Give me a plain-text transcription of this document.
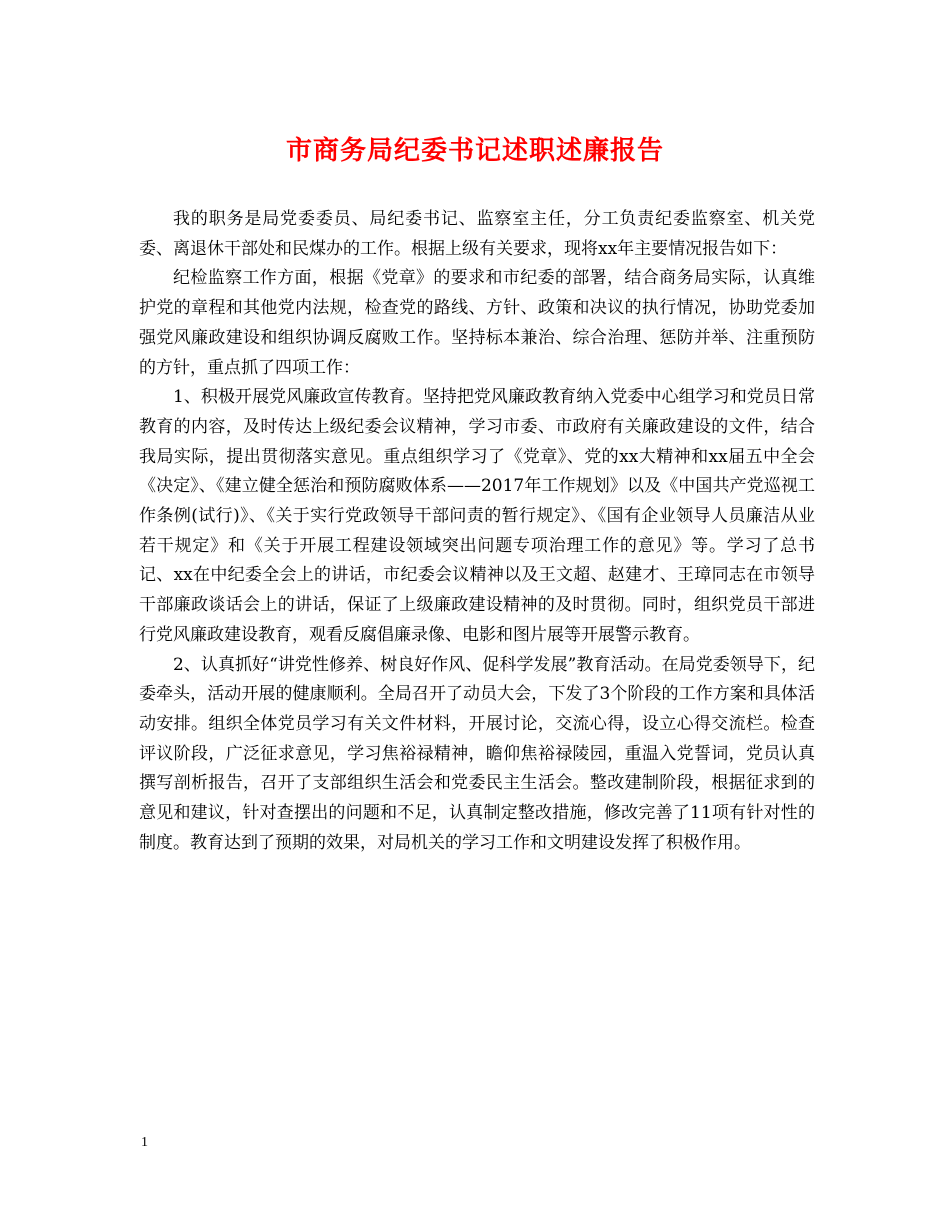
市商务局纪委书记述职述廉报告

我的职务是局党委委员、局纪委书记、监察室主任，分工负责纪委监察室、机关党委、离退休干部处和民煤办的工作。根据上级有关要求，现将xx年主要情况报告如下：

纪检监察工作方面，根据《党章》的要求和市纪委的部署，结合商务局实际，认真维护党的章程和其他党内法规，检查党的路线、方针、政策和决议的执行情况，协助党委加强党风廉政建设和组织协调反腐败工作。坚持标本兼治、综合治理、惩防并举、注重预防的方针，重点抓了四项工作：

1、积极开展党风廉政宣传教育。坚持把党风廉政教育纳入党委中心组学习和党员日常教育的内容，及时传达上级纪委会议精神，学习市委、市政府有关廉政建设的文件，结合我局实际，提出贯彻落实意见。重点组织学习了《党章》、党的xx大精神和xx届五中全会《决定》、《建立健全惩治和预防腐败体系——2017年工作规划》以及《中国共产党巡视工作条例(试行)》、《关于实行党政领导干部问责的暂行规定》、《国有企业领导人员廉洁从业若干规定》和《关于开展工程建设领域突出问题专项治理工作的意见》等。学习了总书记、xx在中纪委全会上的讲话，市纪委会议精神以及王文超、赵建才、王璋同志在市领导干部廉政谈话会上的讲话，保证了上级廉政建设精神的及时贯彻。同时，组织党员干部进行党风廉政建设教育，观看反腐倡廉录像、电影和图片展等开展警示教育。

2、认真抓好“讲党性修养、树良好作风、促科学发展”教育活动。在局党委领导下，纪委牵头，活动开展的健康顺利。全局召开了动员大会，下发了3个阶段的工作方案和具体活动安排。组织全体党员学习有关文件材料，开展讨论，交流心得，设立心得交流栏。检查评议阶段，广泛征求意见，学习焦裕禄精神，瞻仰焦裕禄陵园，重温入党誓词，党员认真撰写剖析报告，召开了支部组织生活会和党委民主生活会。整改建制阶段，根据征求到的意见和建议，针对查摆出的问题和不足，认真制定整改措施，修改完善了11项有针对性的制度。教育达到了预期的效果，对局机关的学习工作和文明建设发挥了积极作用。

1
